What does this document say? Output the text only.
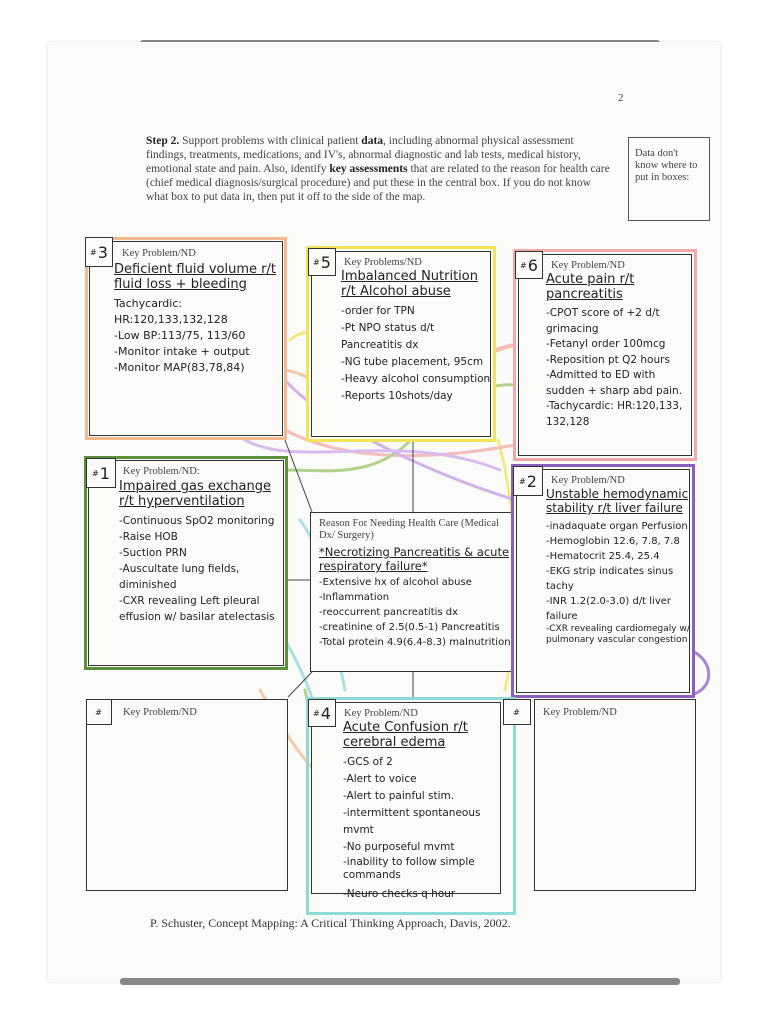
2
Step 2. Support problems with clinical patient data, including abnormal physical assessment findings, treatments, medications, and IV's, abnormal diagnostic and lab tests, medical history, emotional state and pain. Also, identify key assessments that are related to the reason for health care (chief medical diagnosis/surgical procedure) and put these in the central box. If you do not know what box to put data in, then put it off to the side of the map.
Data don't know where to put in boxes:
Key Problem/ND
Deficient fluid volume r/t fluid loss + bleeding
Tachycardic: HR:120,133,132,128
-Low BP:113/75, 113/60
-Monitor intake + output
-Monitor MAP(83,78,84)
# 3
Key Problems/ND
Imbalanced Nutrition r/t Alcohol abuse
-order for TPN
-Pt NPO status d/t Pancreatitis dx
-NG tube placement, 95cm
-Heavy alcohol consumption
-Reports 10shots/day
# 5	Key Problem/ND
Acute pain r/t pancreatitis
-CPOT score of +2 d/t grimacing
-Fetanyl order 100mcg
-Reposition pt Q2 hours
-Admitted to ED with sudden + sharp abd pain.
-Tachycardic: HR:120,133, 132,128
# 6
Key Problem/ND:
Impaired gas exchange r/t hyperventilation
-Continuous SpO2 monitoring
-Raise HOB
-Suction PRN
-Auscultate lung fields, diminished
-CXR revealing Left pleural effusion w/ basilar atelectasis
# 1
Reason For Needing Health Care (Medical Dx/ Surgery)
*Necrotizing Pancreatitis & acute respiratory failure*
-Extensive hx of alcohol abuse
-Inflammation
-reoccurrent pancreatitis dx
-creatinine of 2.5(0.5-1) Pancreatitis
-Total protein 4.9(6.4-8.3) malnutrition
Key Problem/ND
Unstable hemodynamic stability r/t liver failure
-inadaquate organ Perfusion
-Hemoglobin 12.6, 7.8, 7.8
-Hematocrit 25.4, 25.4
-EKG strip indicates sinus tachy
-INR 1.2(2.0-3.0) d/t liver failure
-CXR revealing cardiomegaly w/ pulmonary vascular congestion
# 2
Key Problem/ND
#	Key Problem/ND
Acute Confusion r/t cerebral edema
-GCS of 2
-Alert to voice
-Alert to painful stim.
-intermittent spontaneous mvmt
-No purposeful mvmt
-inability to follow simple commands
-Neuro checks q hour
# 4	Key Problem/ND
#
P. Schuster, Concept Mapping: A Critical Thinking Approach, Davis, 2002.
